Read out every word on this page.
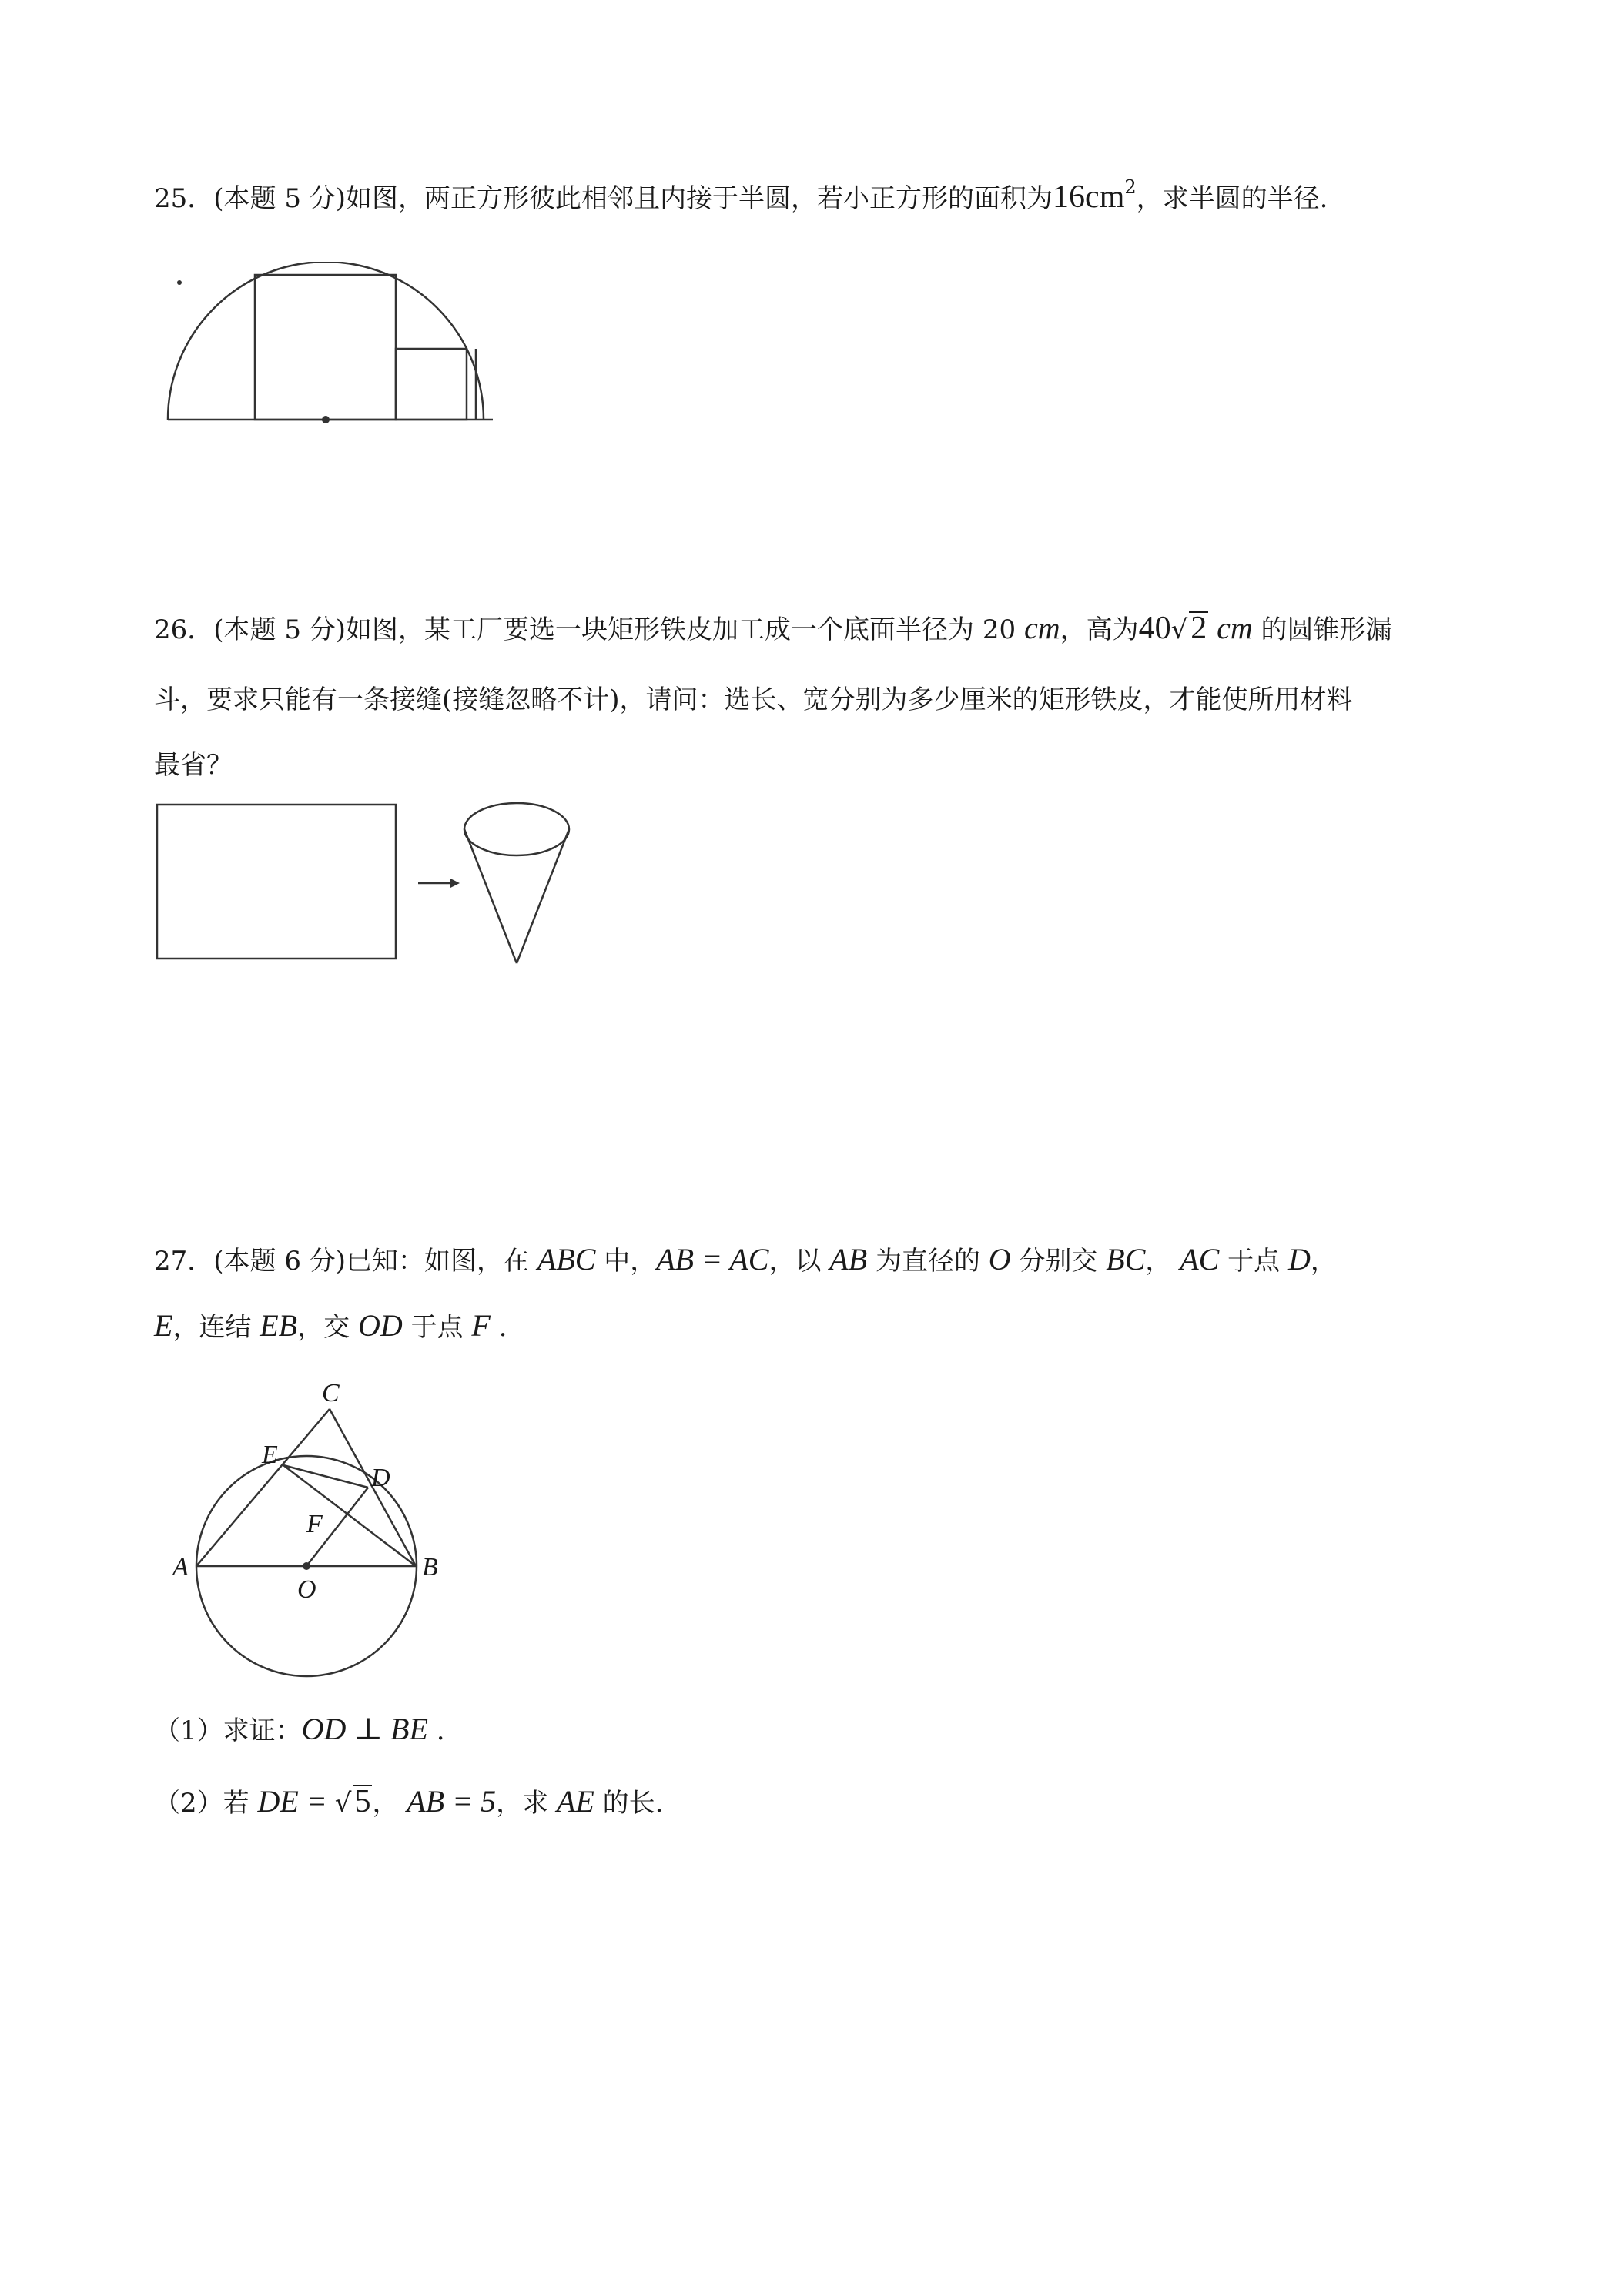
25．(本题 5 分)如图，两正方形彼此相邻且内接于半圆，若小正方形的面积为$16cm^2$，求半圆的半径.
26．(本题 5 分)如图，某工厂要选一块矩形铁皮加工成一个底面半径为 20 cm，高为40√2 cm 的圆锥形漏
斗，要求只能有一条接缝(接缝忽略不计)，请问：选长、宽分别为多少厘米的矩形铁皮，才能使所用材料
最省？
27．(本题 6 分)已知：如图，在 ABC 中，AB = AC，以 AB 为直径的 O 分别交 BC， AC 于点 D，
E，连结 EB，交 OD 于点 F .
C
E
D
F
A
O
B
（1）求证：OD ⊥ BE .
（2）若 DE = √5， AB = 5，求 AE 的长.
